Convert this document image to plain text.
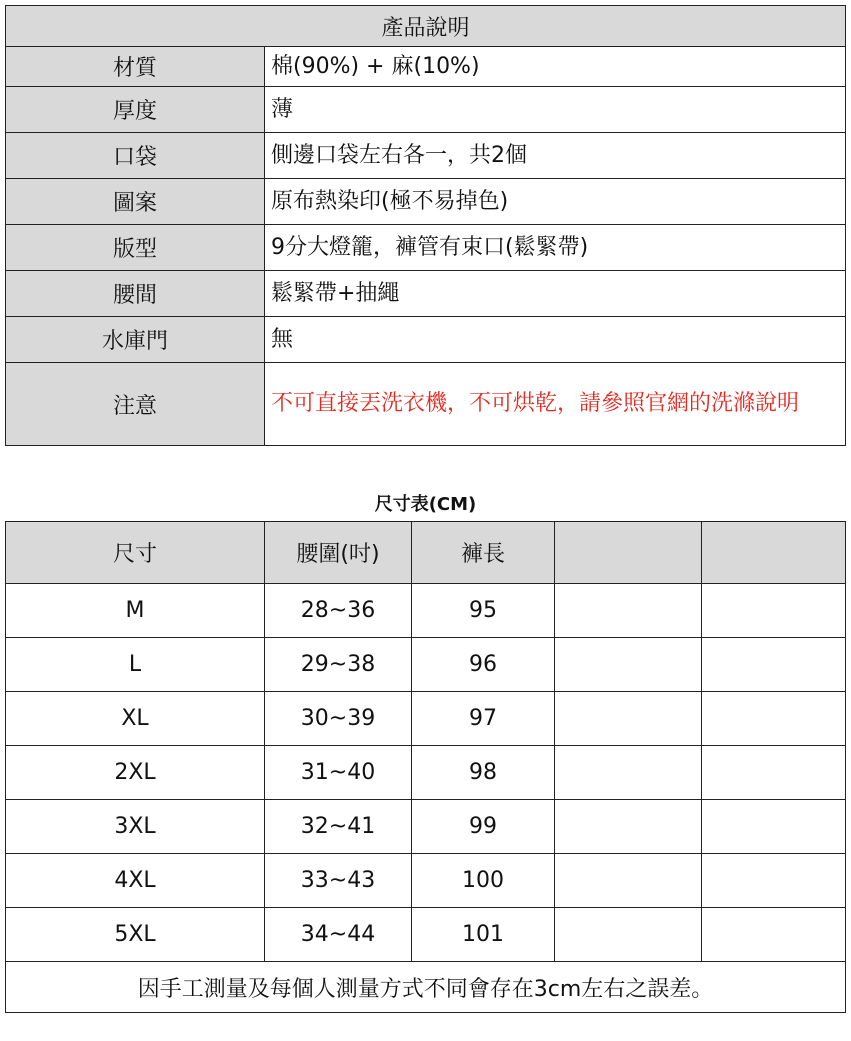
產品說明	
材質	棉(90%) + 麻(10%)
厚度	薄
口袋	側邊口袋左右各一，共2個
圖案	原布熱染印(極不易掉色)
版型	9分大燈籠，褲管有束口(鬆緊帶)
腰間	鬆緊帶+抽繩
水庫門	無
注意	不可直接丟洗衣機，不可烘乾，請參照官網的洗滌說明
尺寸表(CM)
尺寸	腰圍(吋)	褲長		
M	28~36	95		
L	29~38	96		
XL	30~39	97		
2XL	31~40	98		
3XL	32~41	99		
4XL	33~43	100		
5XL	34~44	101		
因手工測量及每個人測量方式不同會存在3cm左右之誤差。				
